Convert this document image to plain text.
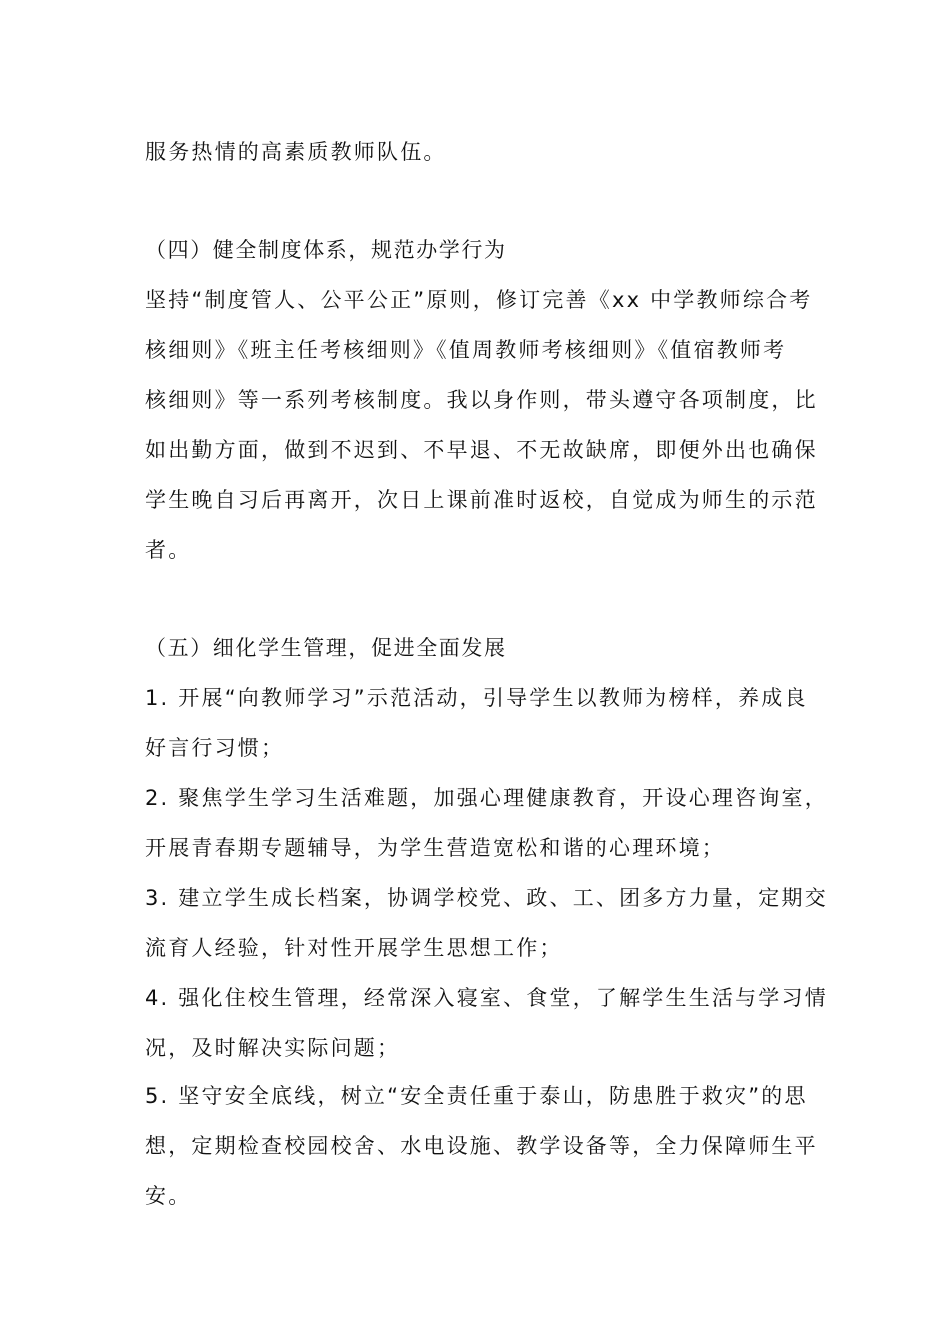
服务热情的高素质教师队伍。
（四）健全制度体系，规范办学行为
坚持“制度管人、公平公正”原则，修订完善《xx 中学教师综合考
核细则》《班主任考核细则》《值周教师考核细则》《值宿教师考
核细则》等一系列考核制度。我以身作则，带头遵守各项制度，比
如出勤方面，做到不迟到、不早退、不无故缺席，即便外出也确保
学生晚自习后再离开，次日上课前准时返校，自觉成为师生的示范
者。
（五）细化学生管理，促进全面发展
1. 开展“向教师学习”示范活动，引导学生以教师为榜样，养成良
好言行习惯；
2. 聚焦学生学习生活难题，加强心理健康教育，开设心理咨询室，
开展青春期专题辅导，为学生营造宽松和谐的心理环境；
3. 建立学生成长档案，协调学校党、政、工、团多方力量，定期交
流育人经验，针对性开展学生思想工作；
4. 强化住校生管理，经常深入寝室、食堂，了解学生生活与学习情
况，及时解决实际问题；
5. 坚守安全底线，树立“安全责任重于泰山，防患胜于救灾”的思
想，定期检查校园校舍、水电设施、教学设备等，全力保障师生平
安。
